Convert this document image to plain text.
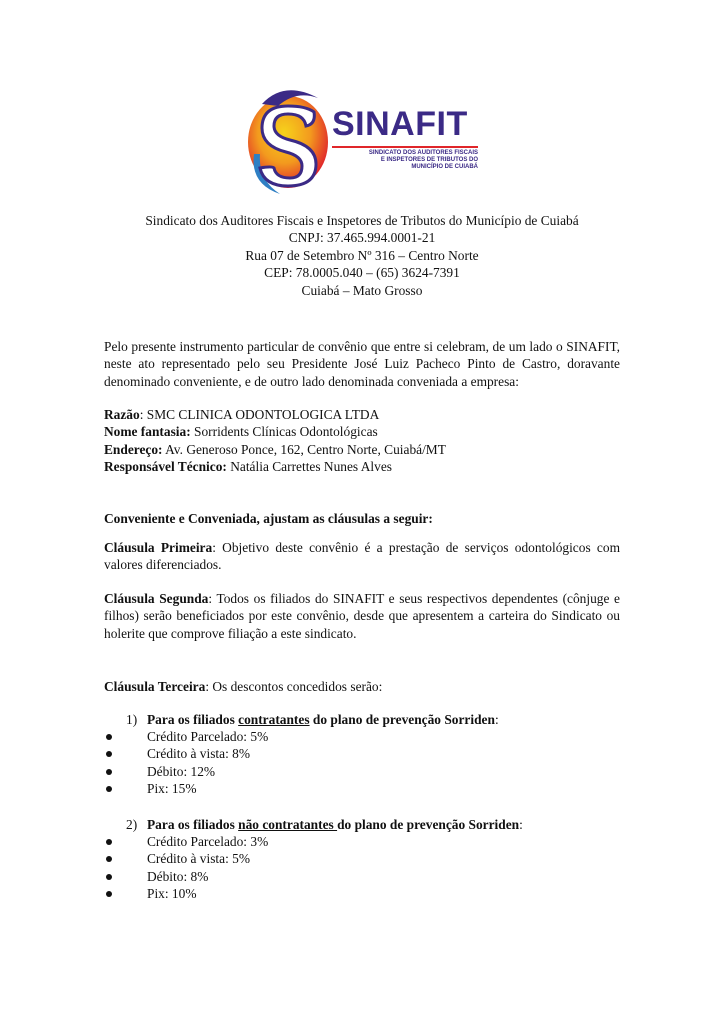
SINAFIT
SINDICATO DOS AUDITORES FISCAIS
E INSPETORES DE TRIBUTOS DO
MUNICÍPIO DE CUIABÁ
Sindicato dos Auditores Fiscais e Inspetores de Tributos do Município de Cuiabá
CNPJ: 37.465.994.0001-21
Rua 07 de Setembro Nº 316 – Centro Norte
CEP: 78.0005.040 – (65) 3624-7391
Cuiabá – Mato Grosso

Pelo presente instrumento particular de convênio que entre si celebram, de um lado o SINAFIT, neste ato representado pelo seu Presidente José Luiz Pacheco Pinto de Castro, doravante denominado conveniente, e de outro lado denominada conveniada a empresa:

Razão: SMC CLINICA ODONTOLOGICA LTDA
Nome fantasia: Sorridents Clínicas Odontológicas
Endereço: Av. Generoso Ponce, 162, Centro Norte, Cuiabá/MT
Responsável Técnico: Natália Carrettes Nunes Alves

Conveniente e Conveniada, ajustam as cláusulas a seguir:

Cláusula Primeira: Objetivo deste convênio é a prestação de serviços odontológicos com valores diferenciados.

Cláusula Segunda: Todos os filiados do SINAFIT e seus respectivos dependentes (cônjuge e filhos) serão beneficiados por este convênio, desde que apresentem a carteira do Sindicato ou holerite que comprove filiação a este sindicato.

Cláusula Terceira: Os descontos concedidos serão:

1) Para os filiados contratantes do plano de prevenção Sorriden:
Crédito Parcelado: 5%
Crédito à vista: 8%
Débito: 12%
Pix: 15%
2) Para os filiados não contratantes do plano de prevenção Sorriden:
Crédito Parcelado: 3%
Crédito à vista: 5%
Débito: 8%
Pix: 10%
